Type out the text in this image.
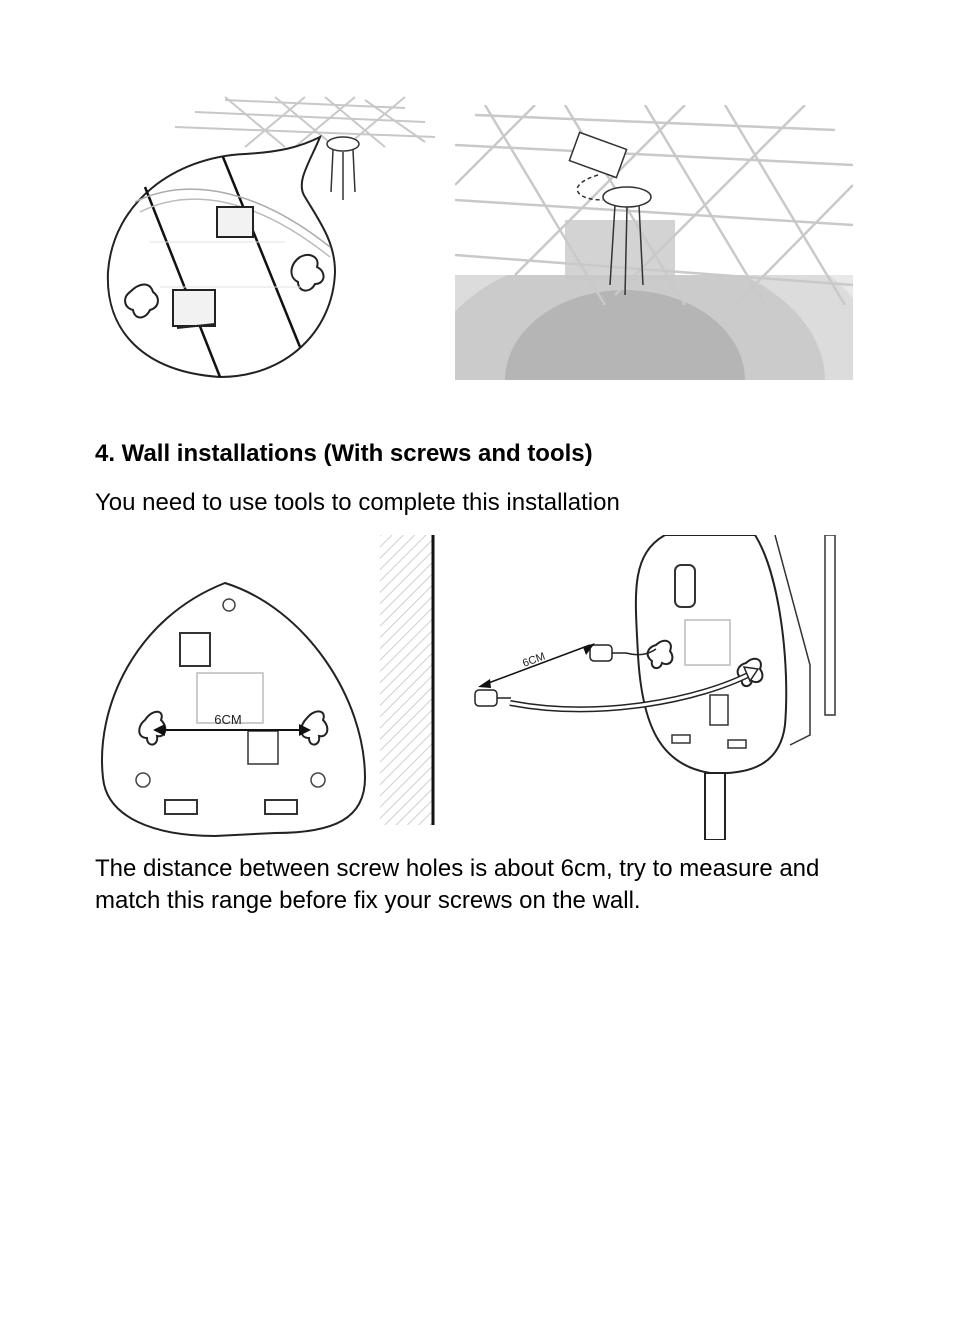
4. Wall installations (With screws and tools)

You need to use tools to complete this installation

6CM
6CM

The distance between screw holes is about 6cm, try to measure and match this range before fix your screws on the wall.
